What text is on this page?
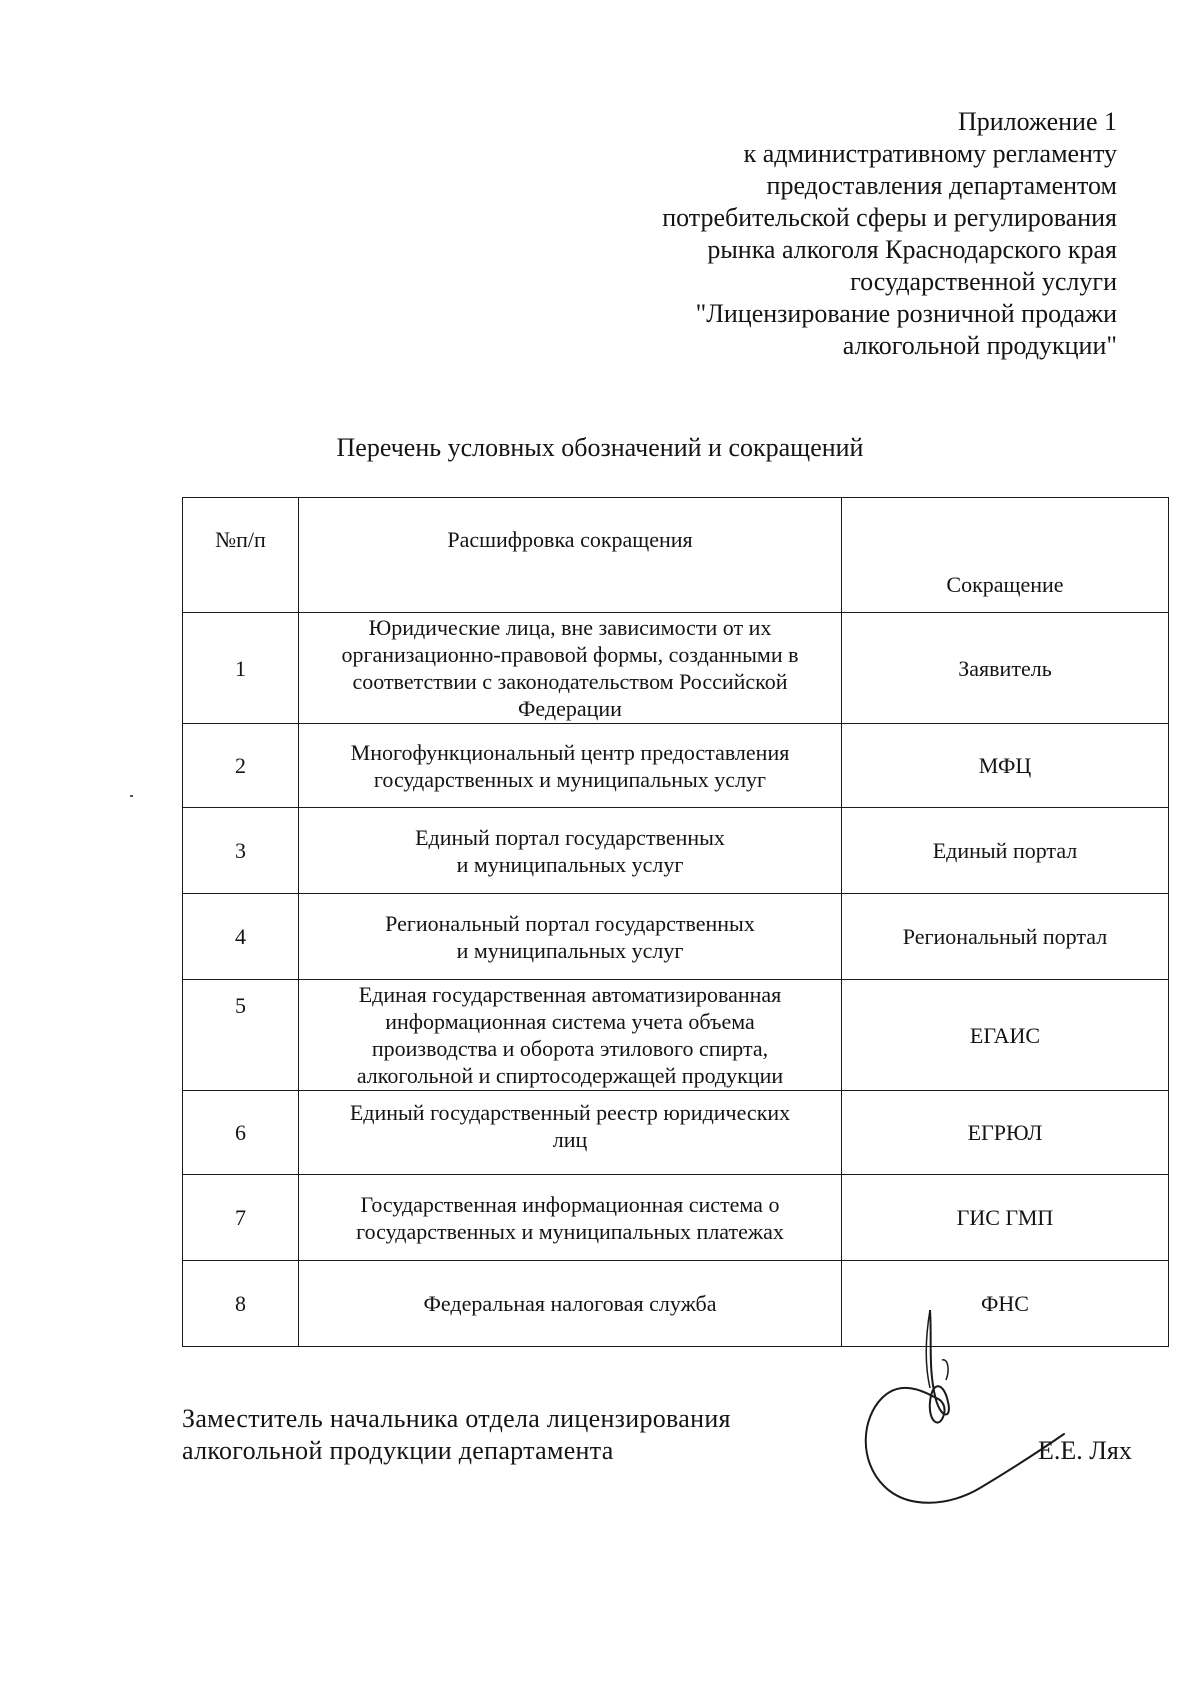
Приложение 1
к административному регламенту
предоставления департаментом
потребительской сферы и регулирования
рынка алкоголя Краснодарского края
государственной услуги
"Лицензирование розничной продажи
алкогольной продукции"
Перечень условных обозначений и сокращений
№п/п	Расшифровка сокращения	Сокращение
1	Юридические лица, вне зависимости от их
организационно-правовой формы, созданными в
соответствии с законодательством Российской
Федерации	Заявитель
2	Многофункциональный центр предоставления
государственных и муниципальных услуг	МФЦ
3	Единый портал государственных
и муниципальных услуг	Единый портал
4	Региональный портал государственных
и муниципальных услуг	Региональный портал
5	Единая государственная автоматизированная
информационная система учета объема
производства и оборота этилового спирта,
алкогольной и спиртосодержащей продукции	ЕГАИС
6	Единый государственный реестр юридических
лиц	ЕГРЮЛ
7	Государственная информационная система о
государственных и муниципальных платежах	ГИС ГМП
8	Федеральная налоговая служба	ФНС
Заместитель начальника отдела лицензирования
алкогольной продукции департамента	Е.Е. Лях
